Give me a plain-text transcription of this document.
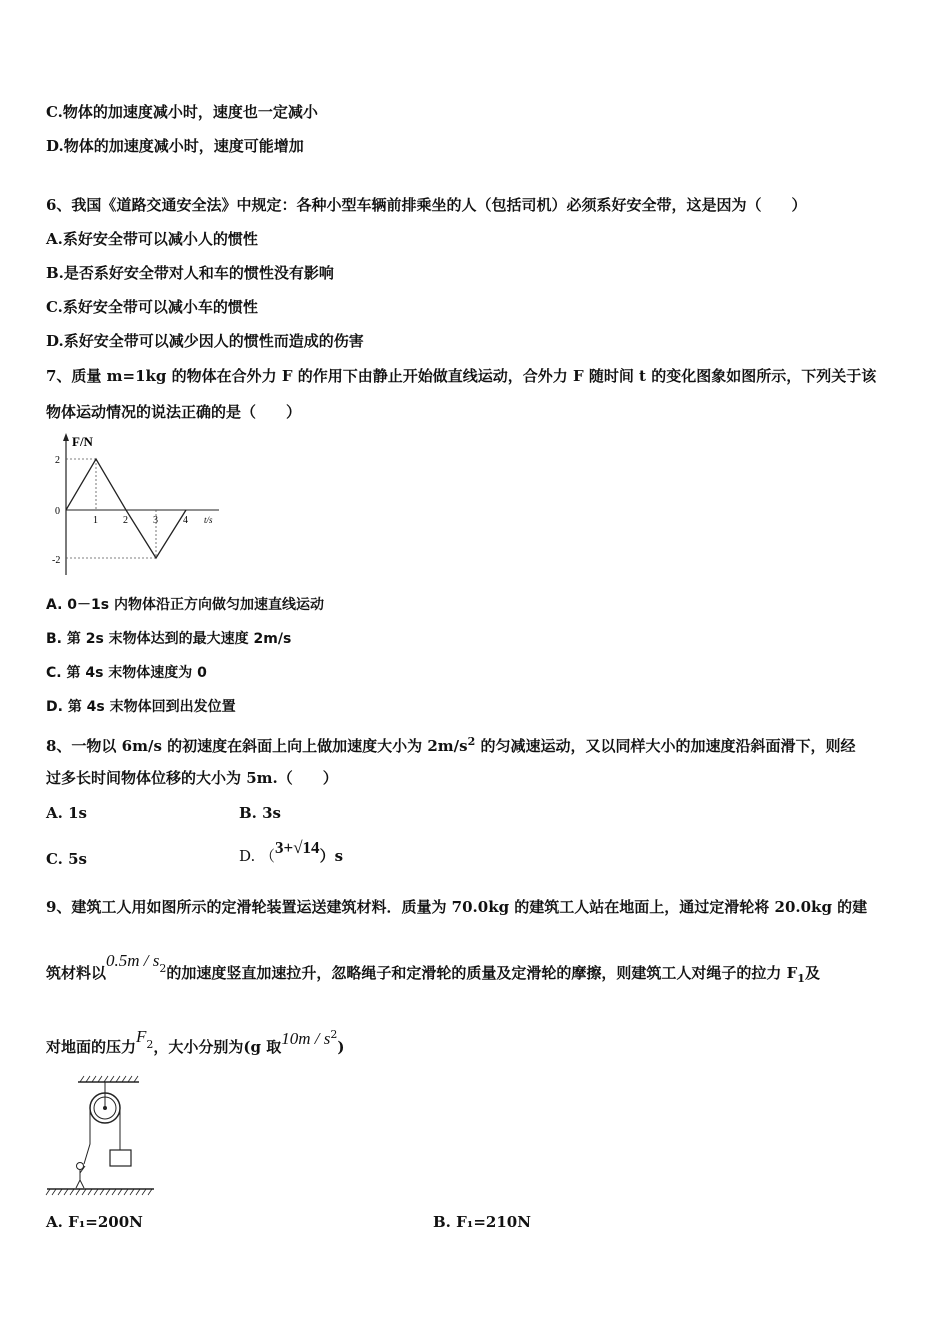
C.物体的加速度减小时，速度也一定减小
D.物体的加速度减小时，速度可能增加
6、我国《道路交通安全法》中规定：各种小型车辆前排乘坐的人（包括司机）必须系好安全带，这是因为（　　）
A.系好安全带可以减小人的惯性
B.是否系好安全带对人和车的惯性没有影响
C.系好安全带可以减小车的惯性
D.系好安全带可以减少因人的惯性而造成的伤害
7、质量 m=1kg 的物体在合外力 F 的作用下由静止开始做直线运动，合外力 F 随时间 t 的变化图象如图所示，下列关于该
物体运动情况的说法正确的是（　　）
F/N
t/s
2
0
-2
1	2	3	4
A. 0－1s 内物体沿正方向做匀加速直线运动
B. 第 2s 末物体达到的最大速度 2m/s
C. 第 4s 末物体速度为 0
D. 第 4s 末物体回到出发位置
8、一物以 6m/s 的初速度在斜面上向上做加速度大小为 $2m/s^2$ 的匀减速运动，又以同样大小的加速度沿斜面滑下，则经
过多长时间物体位移的大小为 5m.（　　）
A. 1s	B. 3s
C. 5s	D. （3+√14）s
9、建筑工人用如图所示的定滑轮装置运送建筑材料．质量为 70.0kg 的建筑工人站在地面上，通过定滑轮将 20.0kg 的建
筑材料以$0.5m / s^2$的加速度竖直加速拉升，忽略绳子和定滑轮的质量及定滑轮的摩擦，则建筑工人对绳子的拉力 $F_1$及
对地面的压力$F_2$，大小分别为(g 取$10m / s^2$)
A. F₁=200N	B. F₁=210N
